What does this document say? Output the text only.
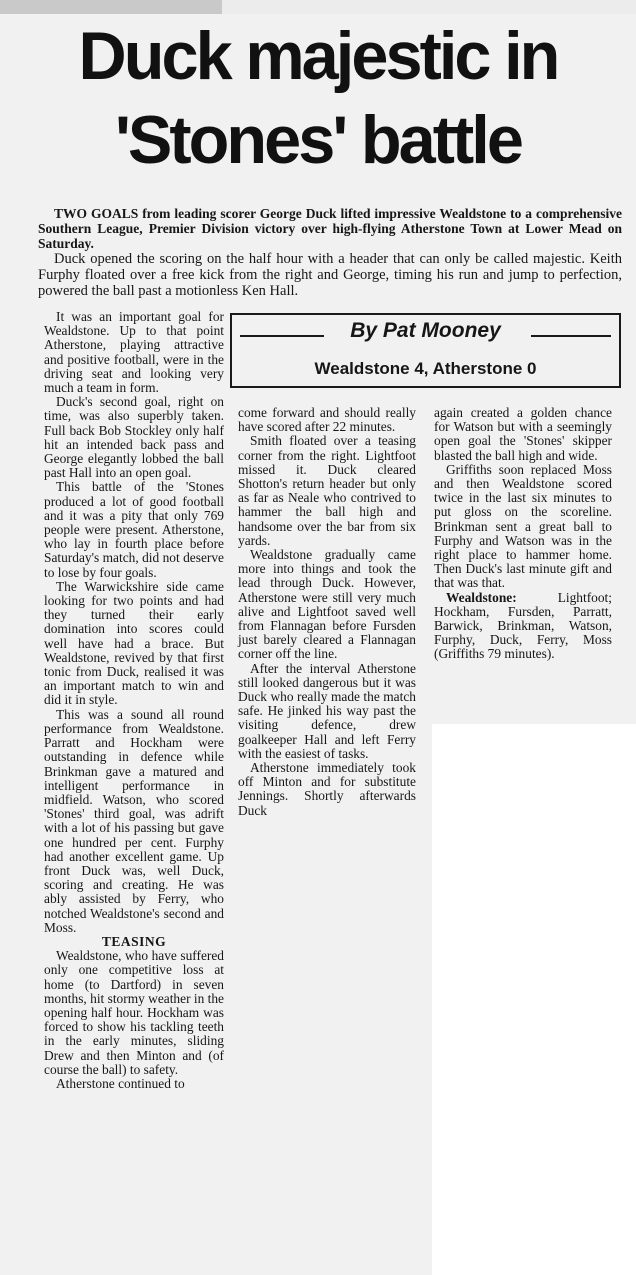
Duck majestic in
'Stones' battle

TWO GOALS from leading scorer George Duck lifted impressive Wealdstone to a comprehensive Southern League, Premier Division victory over high-flying Atherstone Town at Lower Mead on Saturday.

Duck opened the scoring on the half hour with a header that can only be called majestic. Keith Furphy floated over a free kick from the right and George, timing his run and jump to perfection, powered the ball past a motionless Ken Hall.

By Pat Mooney
Wealdstone 4, Atherstone 0

It was an important goal for Wealdstone. Up to that point Atherstone, playing attractive and positive football, were in the driving seat and looking very much a team in form.

Duck's second goal, right on time, was also superbly taken. Full back Bob Stockley only half hit an intended back pass and George elegantly lobbed the ball past Hall into an open goal.

This battle of the 'Stones produced a lot of good football and it was a pity that only 769 people were present. Atherstone, who lay in fourth place before Saturday's match, did not deserve to lose by four goals.

The Warwickshire side came looking for two points and had they turned their early domination into scores could well have had a brace. But Wealdstone, revived by that first tonic from Duck, realised it was an important match to win and did it in style.

This was a sound all round performance from Wealdstone. Parratt and Hockham were outstanding in defence while Brinkman gave a matured and intelligent performance in midfield. Watson, who scored 'Stones' third goal, was adrift with a lot of his passing but gave one hundred per cent. Furphy had another excellent game. Up front Duck was, well Duck, scoring and creating. He was ably assisted by Ferry, who notched Wealdstone's second and Moss.

TEASING

Wealdstone, who have suffered only one competitive loss at home (to Dartford) in seven months, hit stormy weather in the opening half hour. Hockham was forced to show his tackling teeth in the early minutes, sliding Drew and then Minton and (of course the ball) to safety.

Atherstone continued to

come forward and should really have scored after 22 minutes.

Smith floated over a teasing corner from the right. Lightfoot missed it. Duck cleared Shotton's return header but only as far as Neale who contrived to hammer the ball high and handsome over the bar from six yards.

Wealdstone gradually came more into things and took the lead through Duck. However, Atherstone were still very much alive and Lightfoot saved well from Flannagan before Fursden just barely cleared a Flannagan corner off the line.

After the interval Atherstone still looked dangerous but it was Duck who really made the match safe. He jinked his way past the visiting defence, drew goalkeeper Hall and left Ferry with the easiest of tasks.

Atherstone immediately took off Minton and for substitute Jennings. Shortly afterwards Duck

again created a golden chance for Watson but with a seemingly open goal the 'Stones' skipper blasted the ball high and wide.

Griffiths soon replaced Moss and then Wealdstone scored twice in the last six minutes to put gloss on the scoreline. Brinkman sent a great ball to Furphy and Watson was in the right place to hammer home. Then Duck's last minute gift and that was that.

Wealdstone:	Lightfoot; Hockham, Fursden, Parratt, Barwick, Brinkman, Watson, Furphy, Duck, Ferry, Moss (Griffiths 79 minutes).
